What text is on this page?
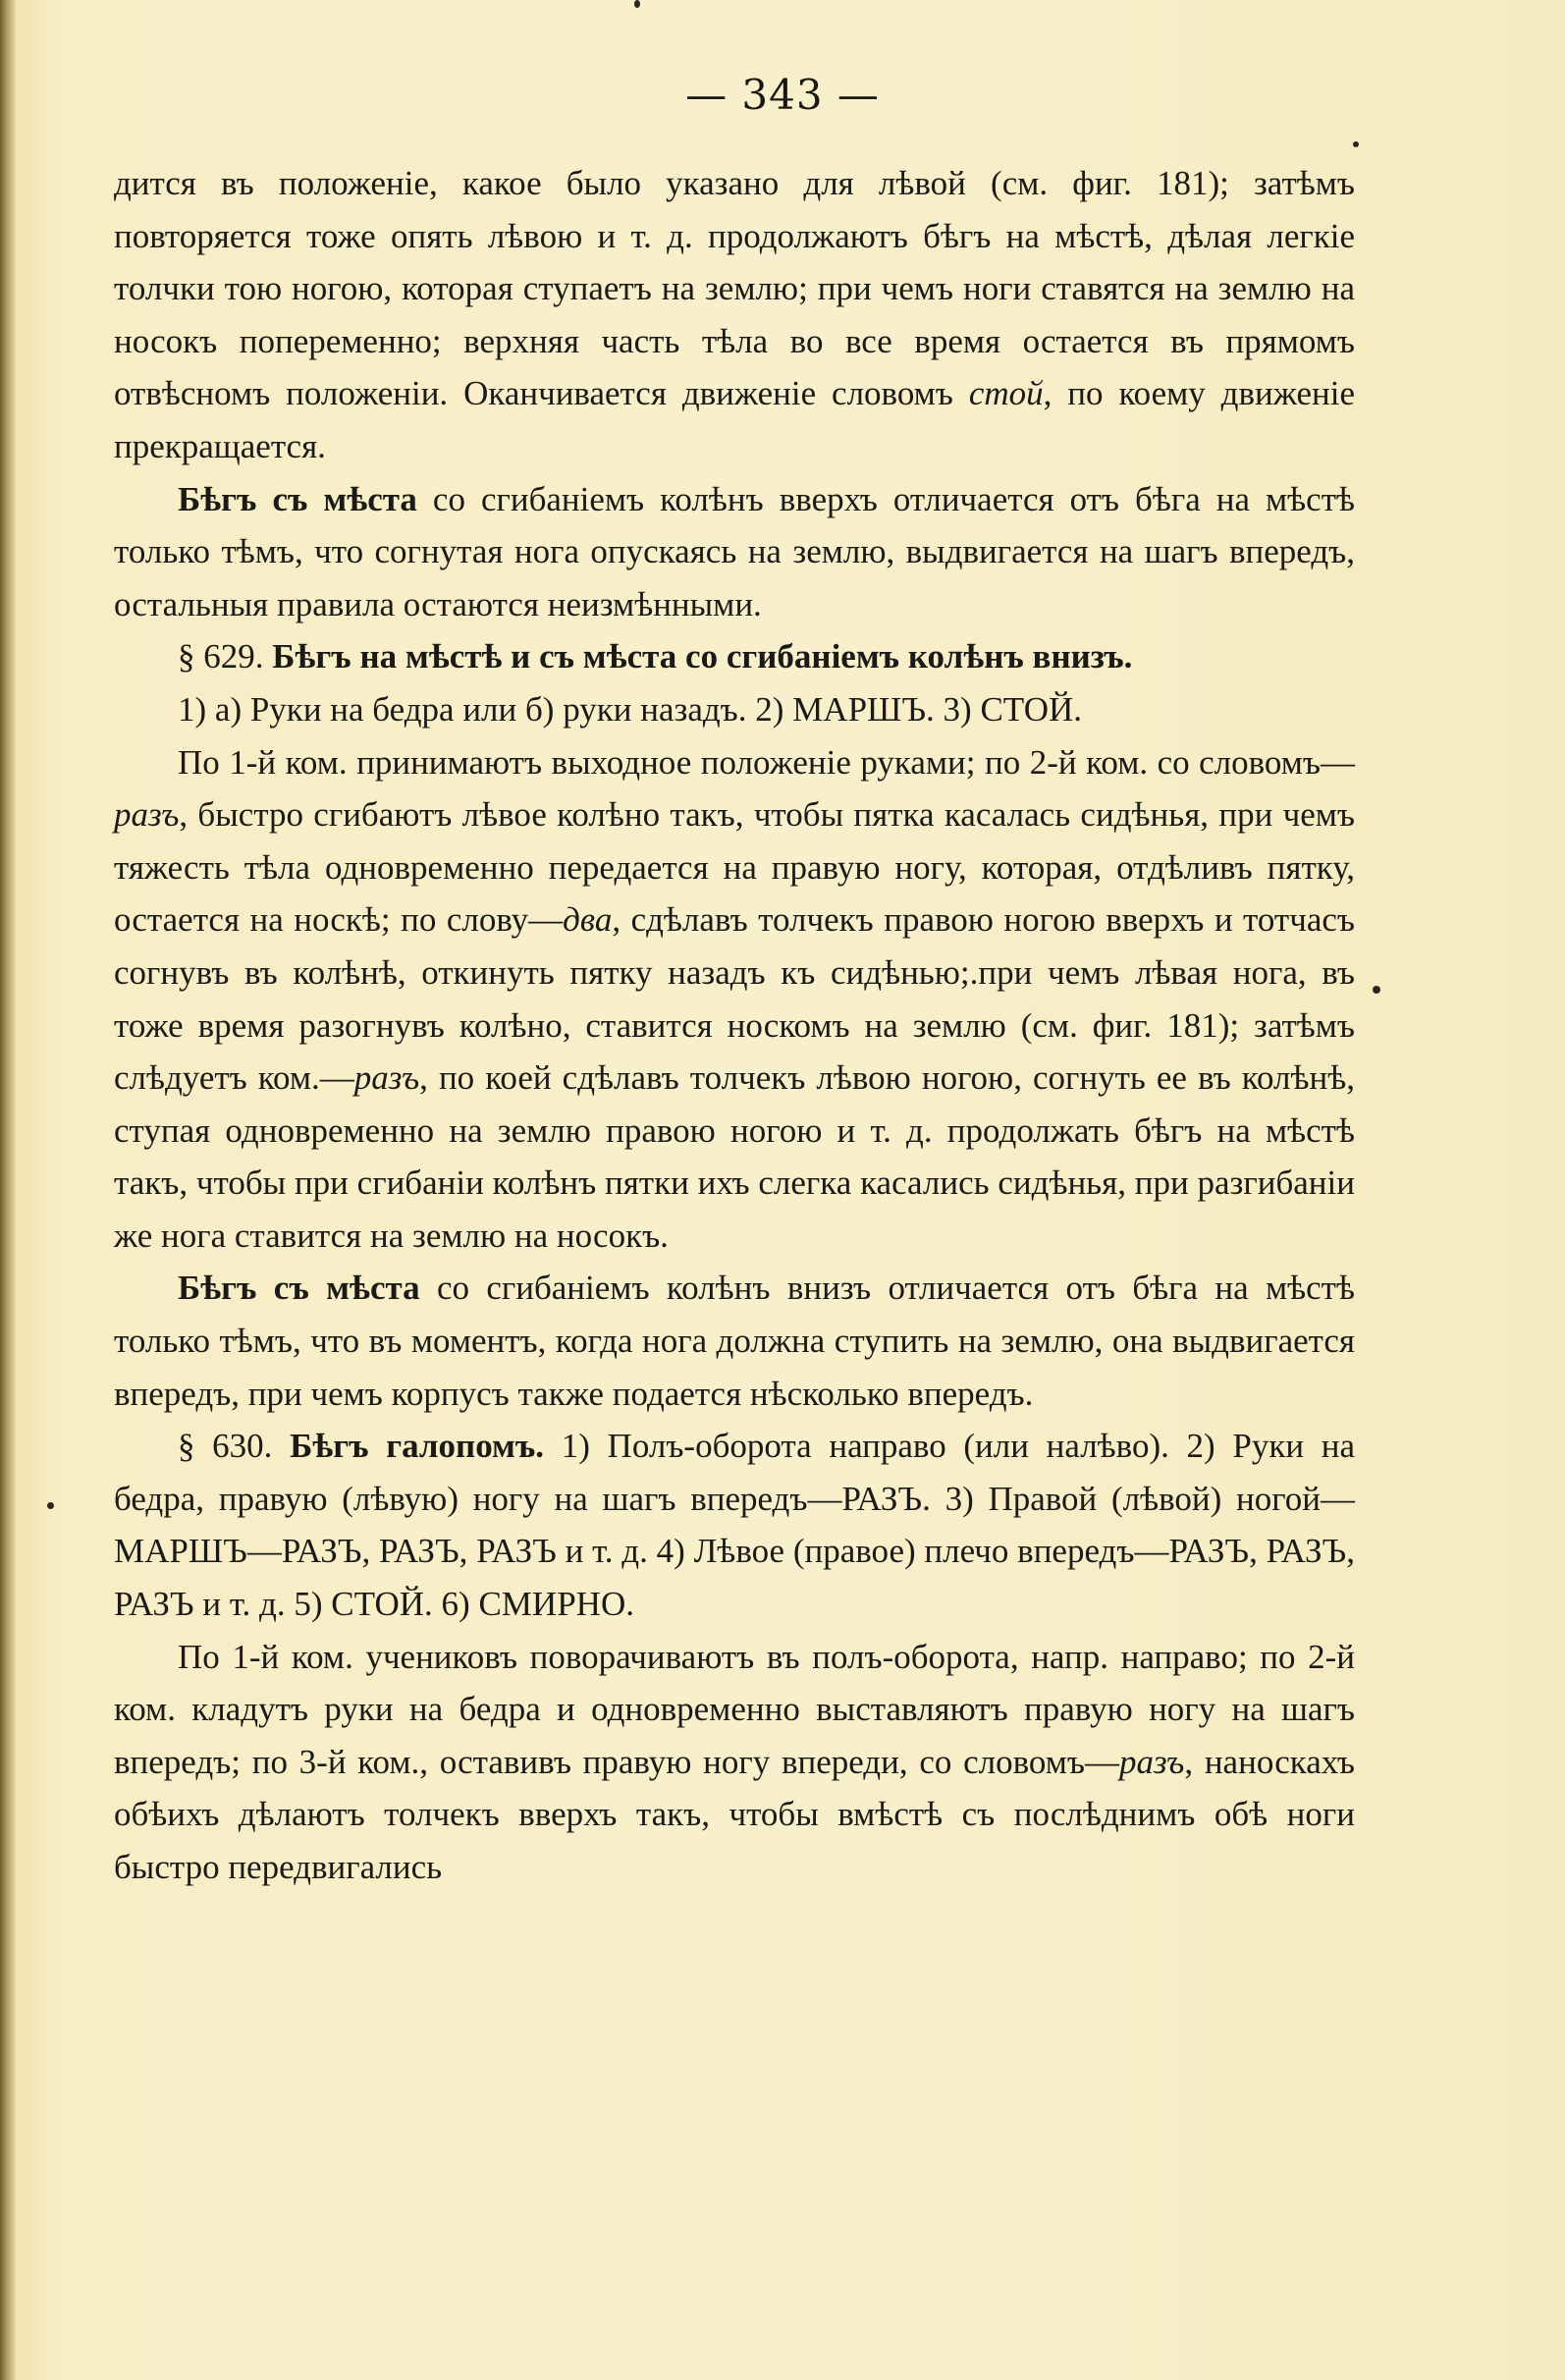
— 343 —

дится въ положеніе, какое было указано для лѣвой (см. фиг. 181); затѣмъ повторяется тоже опять лѣвою и т. д. продолжаютъ бѣгъ на мѣстѣ, дѣлая легкіе толчки тою ногою, которая ступаетъ на землю; при чемъ ноги ставятся на землю на носокъ попеременно; верхняя часть тѣла во все время остается въ прямомъ отвѣсномъ положеніи. Оканчивается движеніе словомъ стой, по коему движеніе прекращается.

Бѣгъ съ мѣста со сгибаніемъ колѣнъ вверхъ отличается отъ бѣга на мѣстѣ только тѣмъ, что согнутая нога опускаясь на землю, выдвигается на шагъ впередъ, остальныя правила остаются неизмѣнными.

§ 629. Бѣгъ на мѣстѣ и съ мѣста со сгибаніемъ колѣнъ внизъ.

1) а) Руки на бедра или б) руки назадъ. 2) МАРШЪ. 3) СТОЙ.

По 1-й ком. принимаютъ выходное положеніе руками; по 2-й ком. со словомъ—разъ, быстро сгибаютъ лѣвое колѣно такъ, чтобы пятка касалась сидѣнья, при чемъ тяжесть тѣла одновременно передается на правую ногу, которая, отдѣливъ пятку, остается на носкѣ; по слову—два, сдѣлавъ толчекъ правою ногою вверхъ и тотчасъ согнувъ въ колѣнѣ, откинуть пятку назадъ къ сидѣнью;.при чемъ лѣвая нога, въ тоже время разогнувъ колѣно, ставится носкомъ на землю (см. фиг. 181); затѣмъ слѣдуетъ ком.—разъ, по коей сдѣлавъ толчекъ лѣвою ногою, согнуть ее въ колѣнѣ, ступая одновременно на землю правою ногою и т. д. продолжать бѣгъ на мѣстѣ такъ, чтобы при сгибаніи колѣнъ пятки ихъ слегка касались сидѣнья, при разгибаніи же нога ставится на землю на носокъ.

Бѣгъ съ мѣста со сгибаніемъ колѣнъ внизъ отличается отъ бѣга на мѣстѣ только тѣмъ, что въ моментъ, когда нога должна ступить на землю, она выдвигается впередъ, при чемъ корпусъ также подается нѣсколько впередъ.

§ 630. Бѣгъ галопомъ. 1) Полъ-оборота направо (или налѣво). 2) Руки на бедра, правую (лѣвую) ногу на шагъ впередъ—РАЗЪ. 3) Правой (лѣвой) ногой—МАРШЪ—РАЗЪ, РАЗЪ, РАЗЪ и т. д. 4) Лѣвое (правое) плечо впередъ—РАЗЪ, РАЗЪ, РАЗЪ и т. д. 5) СТОЙ. 6) СМИРНО.

По 1-й ком. учениковъ поворачиваютъ въ полъ-оборота, напр. направо; по 2-й ком. кладутъ руки на бедра и одновременно выставляютъ правую ногу на шагъ впередъ; по 3-й ком., оставивъ правую ногу впереди, со словомъ—разъ, наноскахъ обѣихъ дѣлаютъ толчекъ вверхъ такъ, чтобы вмѣстѣ съ послѣднимъ обѣ ноги быстро передвигались
